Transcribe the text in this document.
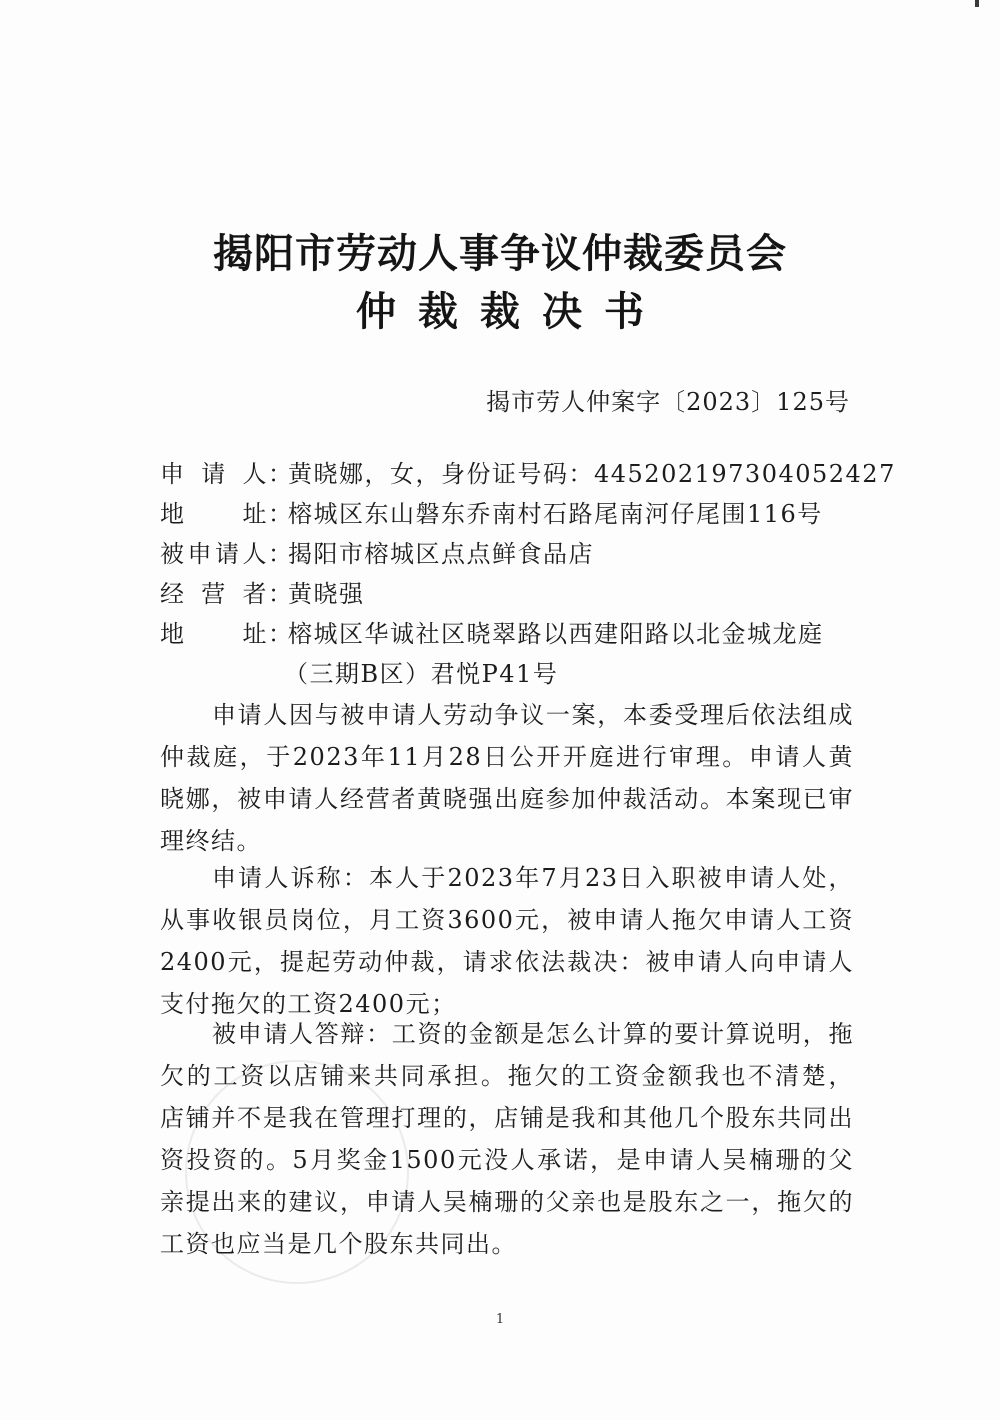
揭阳市劳动人事争议仲裁委员会
仲裁裁决书
揭市劳人仲案字〔2023〕125号
申请人：黄晓娜，女，身份证号码：445202197304052427
地址：榕城区东山磐东乔南村石路尾南河仔尾围116号
被申请人：揭阳市榕城区点点鲜食品店
经营者：黄晓强
地址：榕城区华诚社区晓翠路以西建阳路以北金城龙庭
（三期B区）君悦P41号
申请人因与被申请人劳动争议一案，本委受理后依法组成仲裁庭，于2023年11月28日公开开庭进行审理。申请人黄晓娜，被申请人经营者黄晓强出庭参加仲裁活动。本案现已审理终结。
申请人诉称：本人于2023年7月23日入职被申请人处，从事收银员岗位，月工资3600元，被申请人拖欠申请人工资2400元，提起劳动仲裁，请求依法裁决：被申请人向申请人支付拖欠的工资2400元；
被申请人答辩：工资的金额是怎么计算的要计算说明，拖欠的工资以店铺来共同承担。拖欠的工资金额我也不清楚， 店铺并不是我在管理打理的，店铺是我和其他几个股东共同出资投资的。5月奖金1500元没人承诺，是申请人吴楠珊的父亲提出来的建议，申请人吴楠珊的父亲也是股东之一，拖欠的工资也应当是几个股东共同出。
1
